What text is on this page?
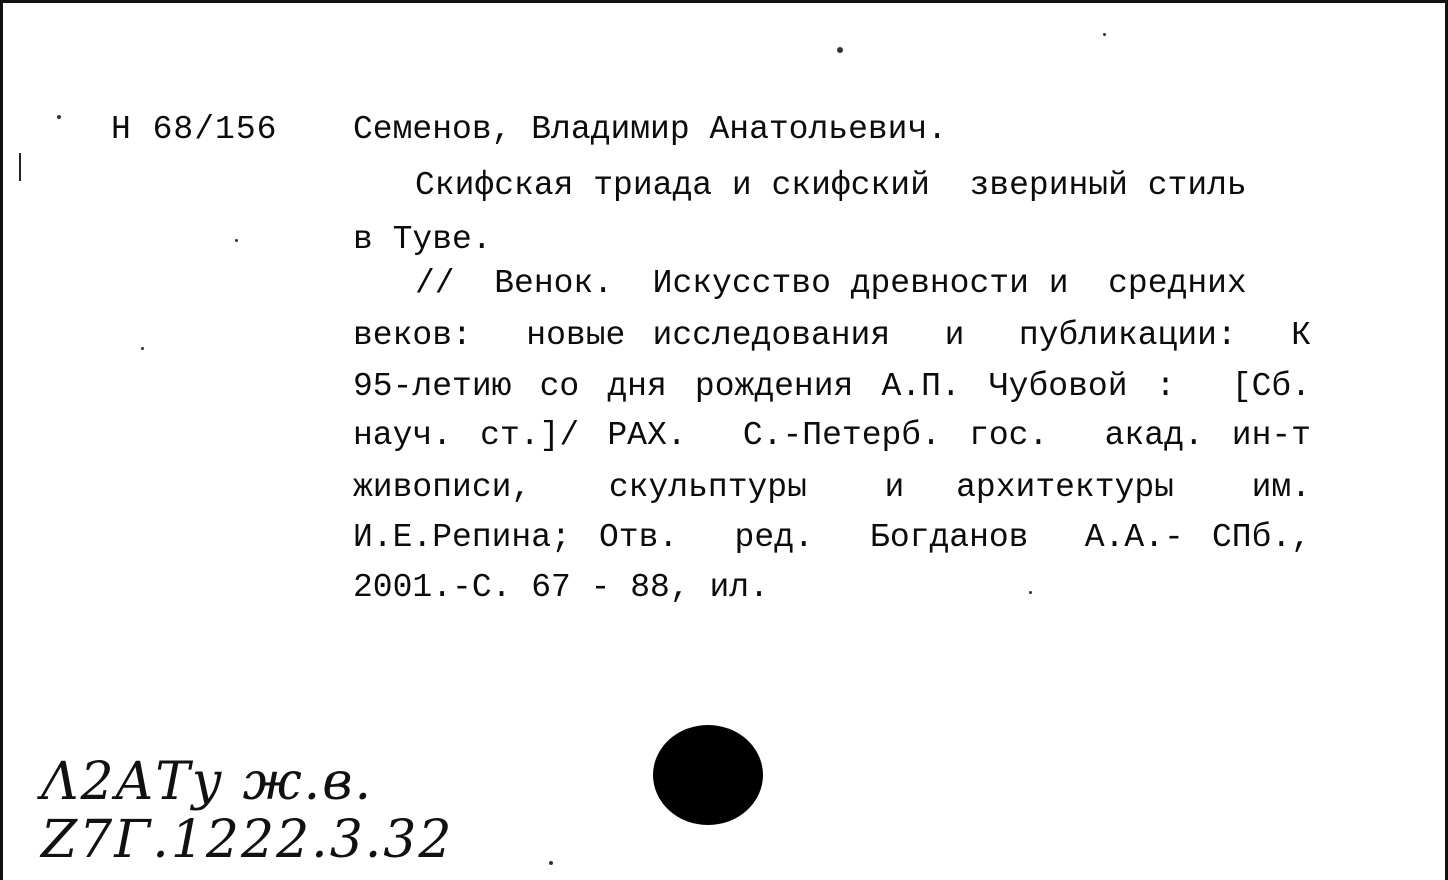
Н 68/156 Семенов, Владимир Анатольевич.
Скифская триада и скифский  звериный стиль
в Туве.
//  Венок.  Искусство древности и  средних
веков:  новые исследования  и  публикации:  К
95-летию со дня рождения А.П. Чубовой :  [Сб.
науч. ст.]/ РАХ.  С.-Петерб. гос.  акад. ин-т
живописи,   скульптуры   и  архитектуры   им.
И.Е.Репина; Отв.  ред.  Богданов  А.А.- СПб.,
2001.-С. 67 - 88, ил.
Λ2ΑΤу ж.в.
Ζ7Γ.1222.3.32
